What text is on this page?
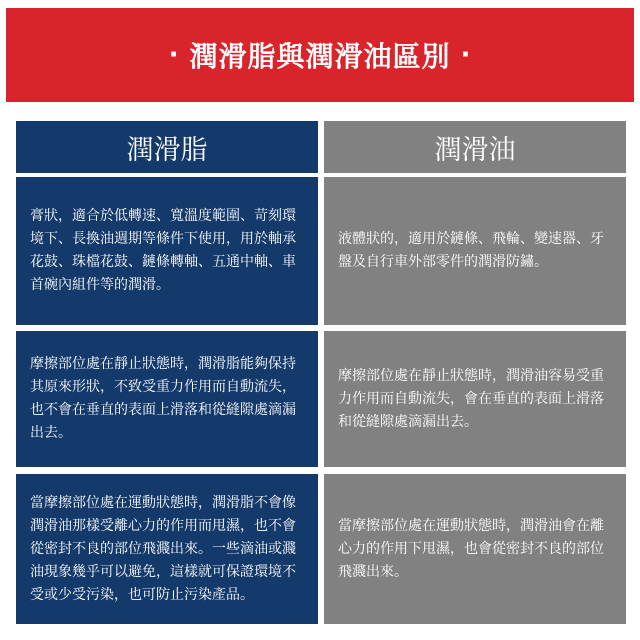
· 潤滑脂與潤滑油區別 ·
潤滑脂	潤滑油
膏狀，適合於低轉速、寬溫度範圍、苛刻環境下、長換油週期等條件下使用，用於軸承花鼓、珠檔花鼓、鏈條轉軸、五通中軸、車首碗內組件等的潤滑。
液體狀的，適用於鏈條、飛輪、變速器、牙盤及自行車外部零件的潤滑防鏽。
摩擦部位處在靜止狀態時，潤滑脂能夠保持其原來形狀，不致受重力作用而自動流失，也不會在垂直的表面上滑落和從縫隙處滴漏出去。
摩擦部位處在靜止狀態時，潤滑油容易受重力作用而自動流失，會在垂直的表面上滑落和從縫隙處滴漏出去。
當摩擦部位處在運動狀態時，潤滑脂不會像潤滑油那樣受離心力的作用而甩濕，也不會從密封不良的部位飛濺出來。一些滴油或濺油現象幾乎可以避免，這樣就可保證環境不受或少受污染，也可防止污染產品。
當摩擦部位處在運動狀態時，潤滑油會在離心力的作用下甩濕，也會從密封不良的部位飛濺出來。
